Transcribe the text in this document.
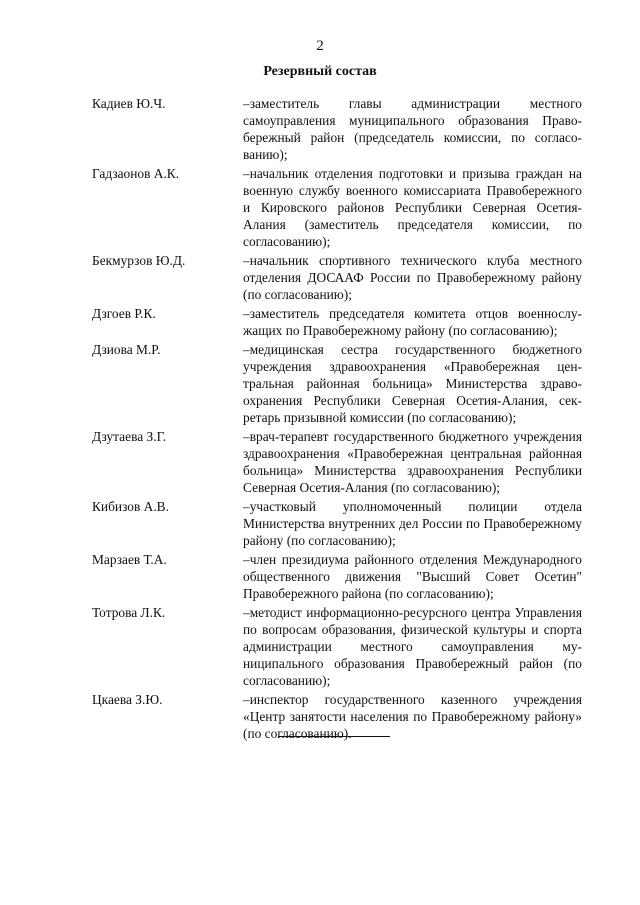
2
Резервный состав
Кадиев Ю.Ч.	–заместитель главы администрации местного самоуправления муниципального образования Правобережный район (председатель комиссии, по согласованию);
Гадзаонов А.К.	–начальник отделения подготовки и призыва граждан на военную службу военного комиссариата Правобережного и Кировского районов Республики Северная Осетия-Алания (заместитель председателя комиссии, по согласованию);
Бекмурзов Ю.Д.	–начальник спортивного технического клуба местного отделения ДОСААФ России по Правобережному району (по согласованию);
Дзгоев Р.К.	–заместитель председателя комитета отцов военнослужащих по Правобережному району (по согласованию);
Дзиова М.Р.	–медицинская сестра государственного бюджетного учреждения здравоохранения «Правобережная центральная районная больница» Министерства здравоохранения Республики Северная Осетия-Алания, секретарь призывной комиссии (по согласованию);
Дзутаева З.Г.	–врач-терапевт государственного бюджетного учреждения здравоохранения «Правобережная центральная районная больница» Министерства здравоохранения Республики Северная Осетия-Алания (по согласованию);
Кибизов А.В.	–участковый уполномоченный полиции отдела Министерства внутренних дел России по Правобережному району (по согласованию);
Марзаев Т.А.	–член президиума районного отделения Международного общественного движения "Высший Совет Осетин" Правобережного района (по согласованию);
Тотрова Л.К.	–методист информационно-ресурсного центра Управления по вопросам образования, физической культуры и спорта администрации местного самоуправления муниципального образования Правобережный район (по согласованию);
Цкаева З.Ю.	–инспектор государственного казенного учреждения «Центр занятости населения по Правобережному району» (по согласованию).
